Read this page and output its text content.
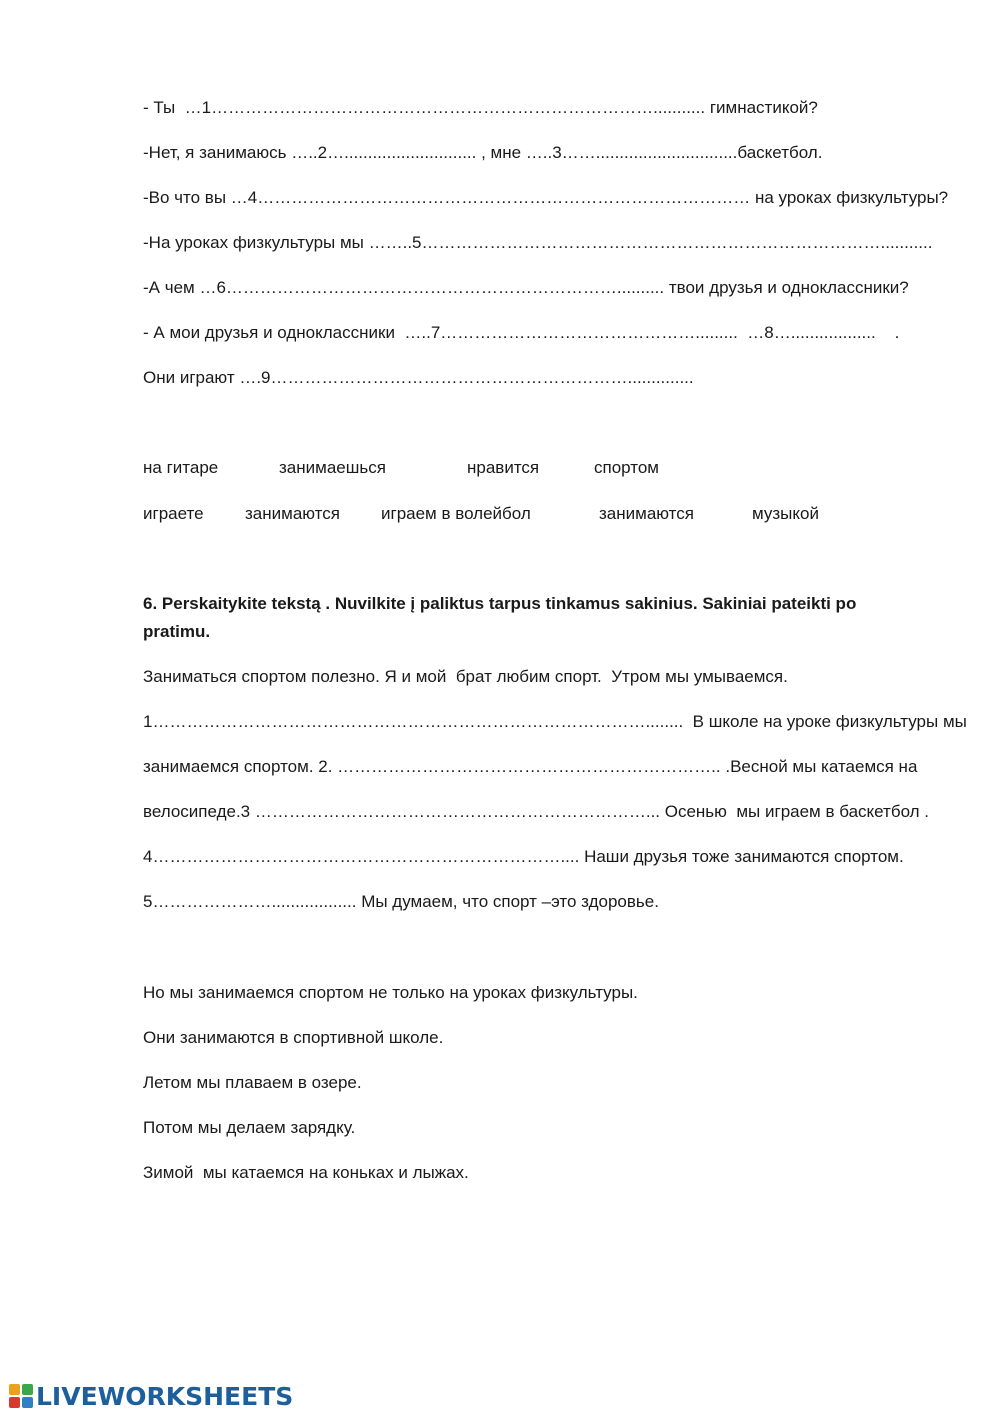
- Ты  …1……………………………………………………………………........... гимнастикой?
-Нет, я занимаюсь …..2…............................ , мне …..3……..............................баскетбол.
-Во что вы …4…………………………………………………………………………… на уроках физкультуры?
-На уроках физкультуры мы ……..5………………………………………………………………………...........
-А чем …6…………………………………………………………….......... твои друзья и одноклассники?
- А мои друзья и одноклассники  …..7……………………………………….........  …8…..................    .
Они играют ….9………………………………………………………..............
на гитаре	занимаешься	нравится	спортом
играете занимаются играем в волейбол	занимаются	музыкой
6. Perskaitykite tekstą . Nuvilkite į paliktus tarpus tinkamus sakinius. Sakiniai pateikti po pratimu.
Заниматься спортом полезно. Я и мой  брат любим спорт.  Утром мы умываемся.
1……………………………………………………………………………........  В школе на уроке физкультуры мы
занимаемся спортом. 2. ………………………………………………………….. .Весной мы катаемся на
велосипеде.3 ……………………………………………………………... Осенью  мы играем в баскетбол .
4……………………………………………………………….... Наши друзья тоже занимаются спортом.
5………………….................. Мы думаем, что спорт –это здоровье.
Но мы занимаемся спортом не только на уроках физкультуры.
Они занимаются в спортивной школе.
Летом мы плаваем в озере.
Потом мы делаем зарядку.
Зимой  мы катаемся на коньках и лыжах.
LIVEWORKSHEETS
